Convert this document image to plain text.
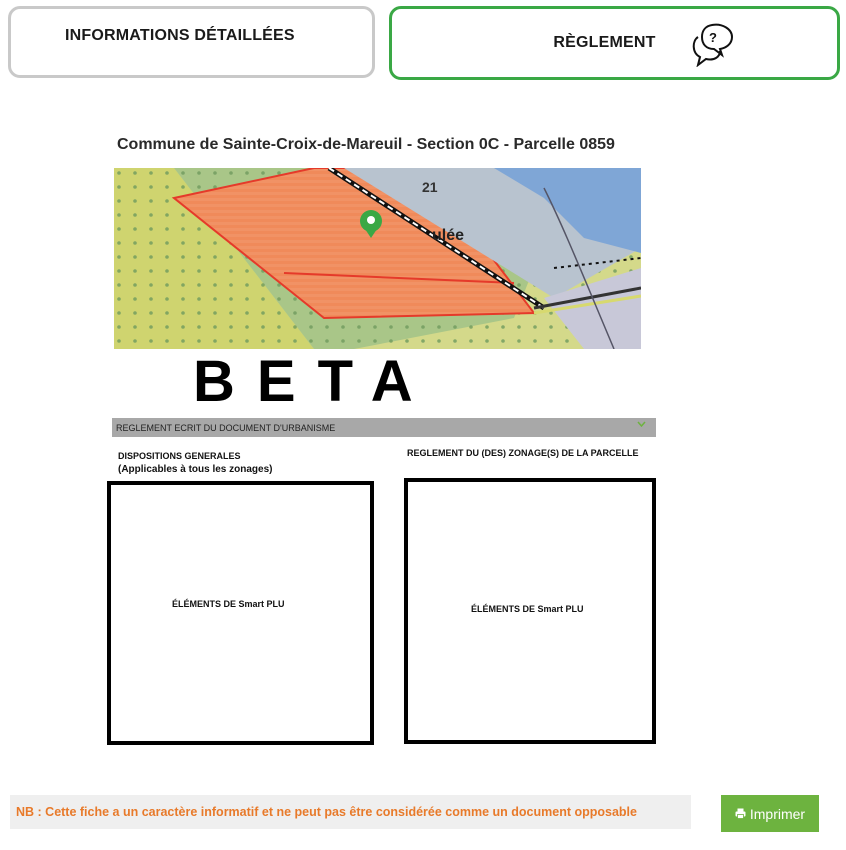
INFORMATIONS DÉTAILLÉES	RÈGLEMENT	?
Commune de Sainte-Croix-de-Mareuil - Section 0C - Parcelle 0859
21
ulée
BETA
REGLEMENT ECRIT DU DOCUMENT D'URBANISME
DISPOSITIONS GENERALES
(Applicables à tous les zonages)
REGLEMENT DU (DES) ZONAGE(S) DE LA PARCELLE
ÉLÉMENTS DE Smart PLU	ÉLÉMENTS DE Smart PLU
NB : Cette fiche a un caractère informatif et ne peut pas être considérée comme un document opposable	Imprimer
